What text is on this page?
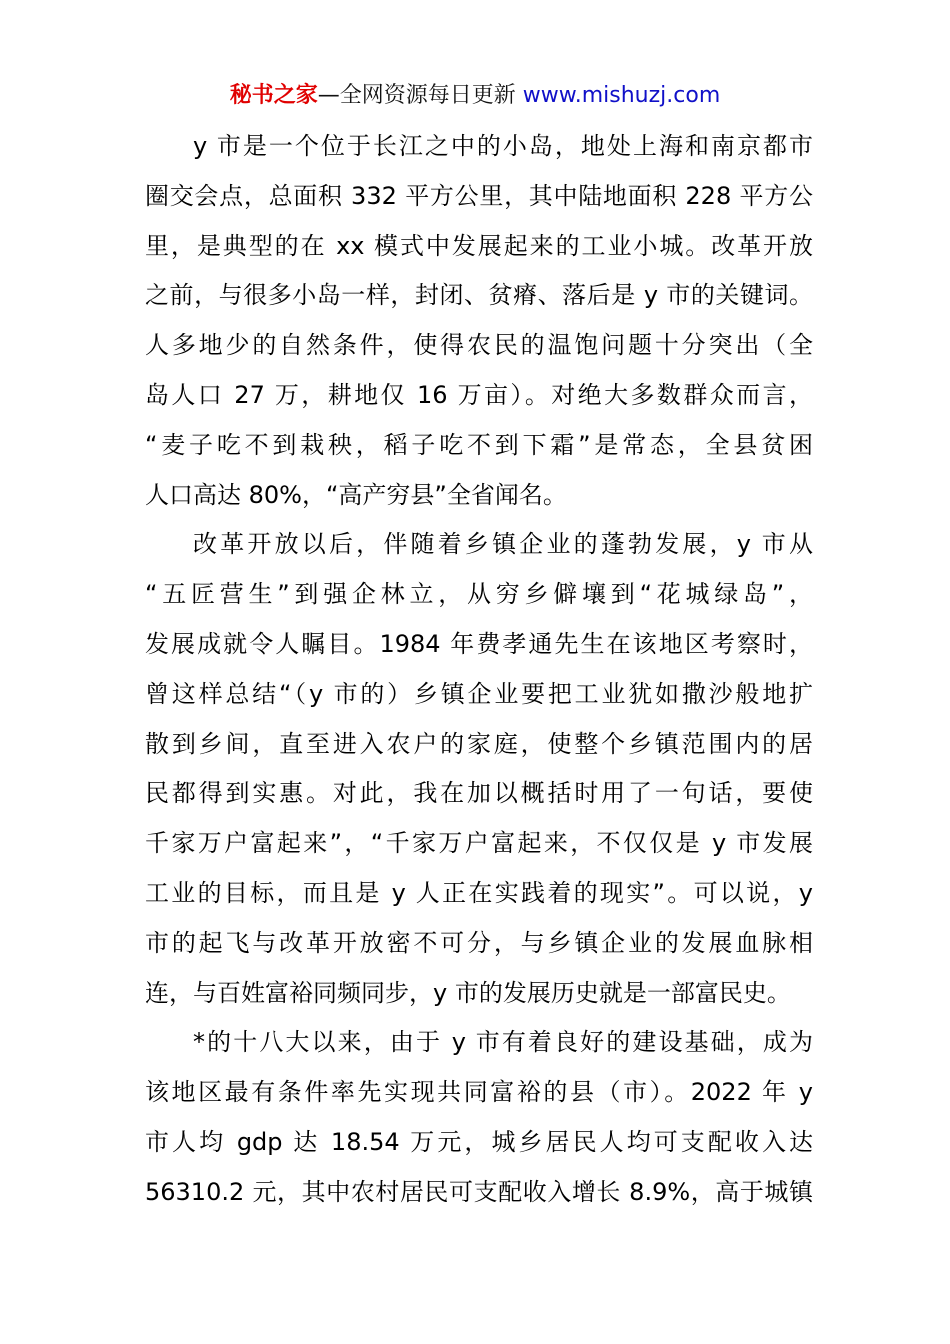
秘书之家—全网资源每日更新 www.mishuzj.com
y 市是一个位于长江之中的小岛，地处上海和南京都市
圈交会点，总面积 332 平方公里，其中陆地面积 228 平方公
里，是典型的在 xx 模式中发展起来的工业小城。改革开放
之前，与很多小岛一样，封闭、贫瘠、落后是 y 市的关键词。
人多地少的自然条件，使得农民的温饱问题十分突出（全
岛人口 27 万，耕地仅 16 万亩）。对绝大多数群众而言，
“麦子吃不到栽秧，稻子吃不到下霜”是常态，全县贫困
人口高达 80%，“高产穷县”全省闻名。
改革开放以后，伴随着乡镇企业的蓬勃发展，y 市从
“五匠营生”到强企林立，从穷乡僻壤到“花城绿岛”，
发展成就令人瞩目。1984 年费孝通先生在该地区考察时，
曾这样总结“（y 市的）乡镇企业要把工业犹如撒沙般地扩
散到乡间，直至进入农户的家庭，使整个乡镇范围内的居
民都得到实惠。对此，我在加以概括时用了一句话，要使
千家万户富起来”，“千家万户富起来，不仅仅是 y 市发展
工业的目标，而且是 y 人正在实践着的现实”。可以说，y
市的起飞与改革开放密不可分，与乡镇企业的发展血脉相
连，与百姓富裕同频同步，y 市的发展历史就是一部富民史。
*的十八大以来，由于 y 市有着良好的建设基础，成为
该地区最有条件率先实现共同富裕的县（市）。2022 年 y
市人均 gdp 达 18.54 万元，城乡居民人均可支配收入达
56310.2 元，其中农村居民可支配收入增长 8.9%，高于城镇
